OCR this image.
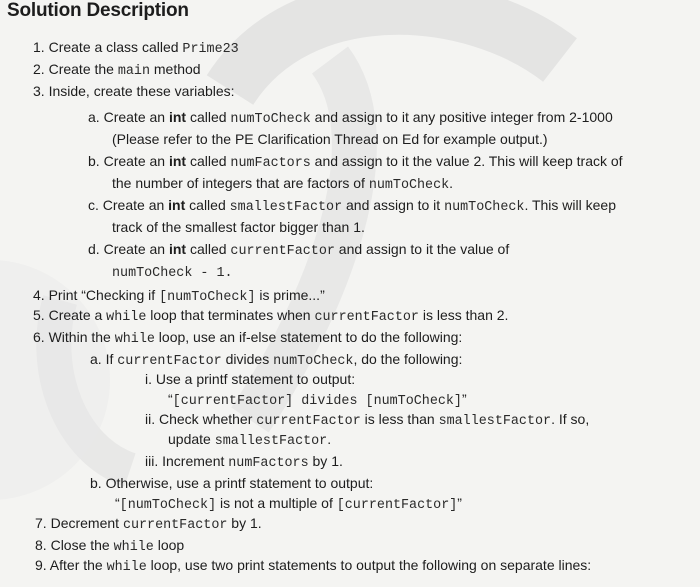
Solution Description
1. Create a class called Prime23
2. Create the main method
3. Inside, create these variables:
a. Create an int called numToCheck and assign to it any positive integer from 2-1000
(Please refer to the PE Clarification Thread on Ed for example output.)
b. Create an int called numFactors and assign to it the value 2. This will keep track of
the number of integers that are factors of numToCheck.
c. Create an int called smallestFactor and assign to it numToCheck. This will keep
track of the smallest factor bigger than 1.
d. Create an int called currentFactor and assign to it the value of
numToCheck - 1.
4. Print “Checking if [numToCheck] is prime...”
5. Create a while loop that terminates when currentFactor is less than 2.
6. Within the while loop, use an if-else statement to do the following:
a. If currentFactor divides numToCheck, do the following:
i. Use a printf statement to output:
“[currentFactor] divides [numToCheck]”
ii. Check whether currentFactor is less than smallestFactor. If so,
update smallestFactor.
iii. Increment numFactors by 1.
b. Otherwise, use a printf statement to output:
“[numToCheck] is not a multiple of [currentFactor]”
7. Decrement currentFactor by 1.
8. Close the while loop
9. After the while loop, use two print statements to output the following on separate lines:
